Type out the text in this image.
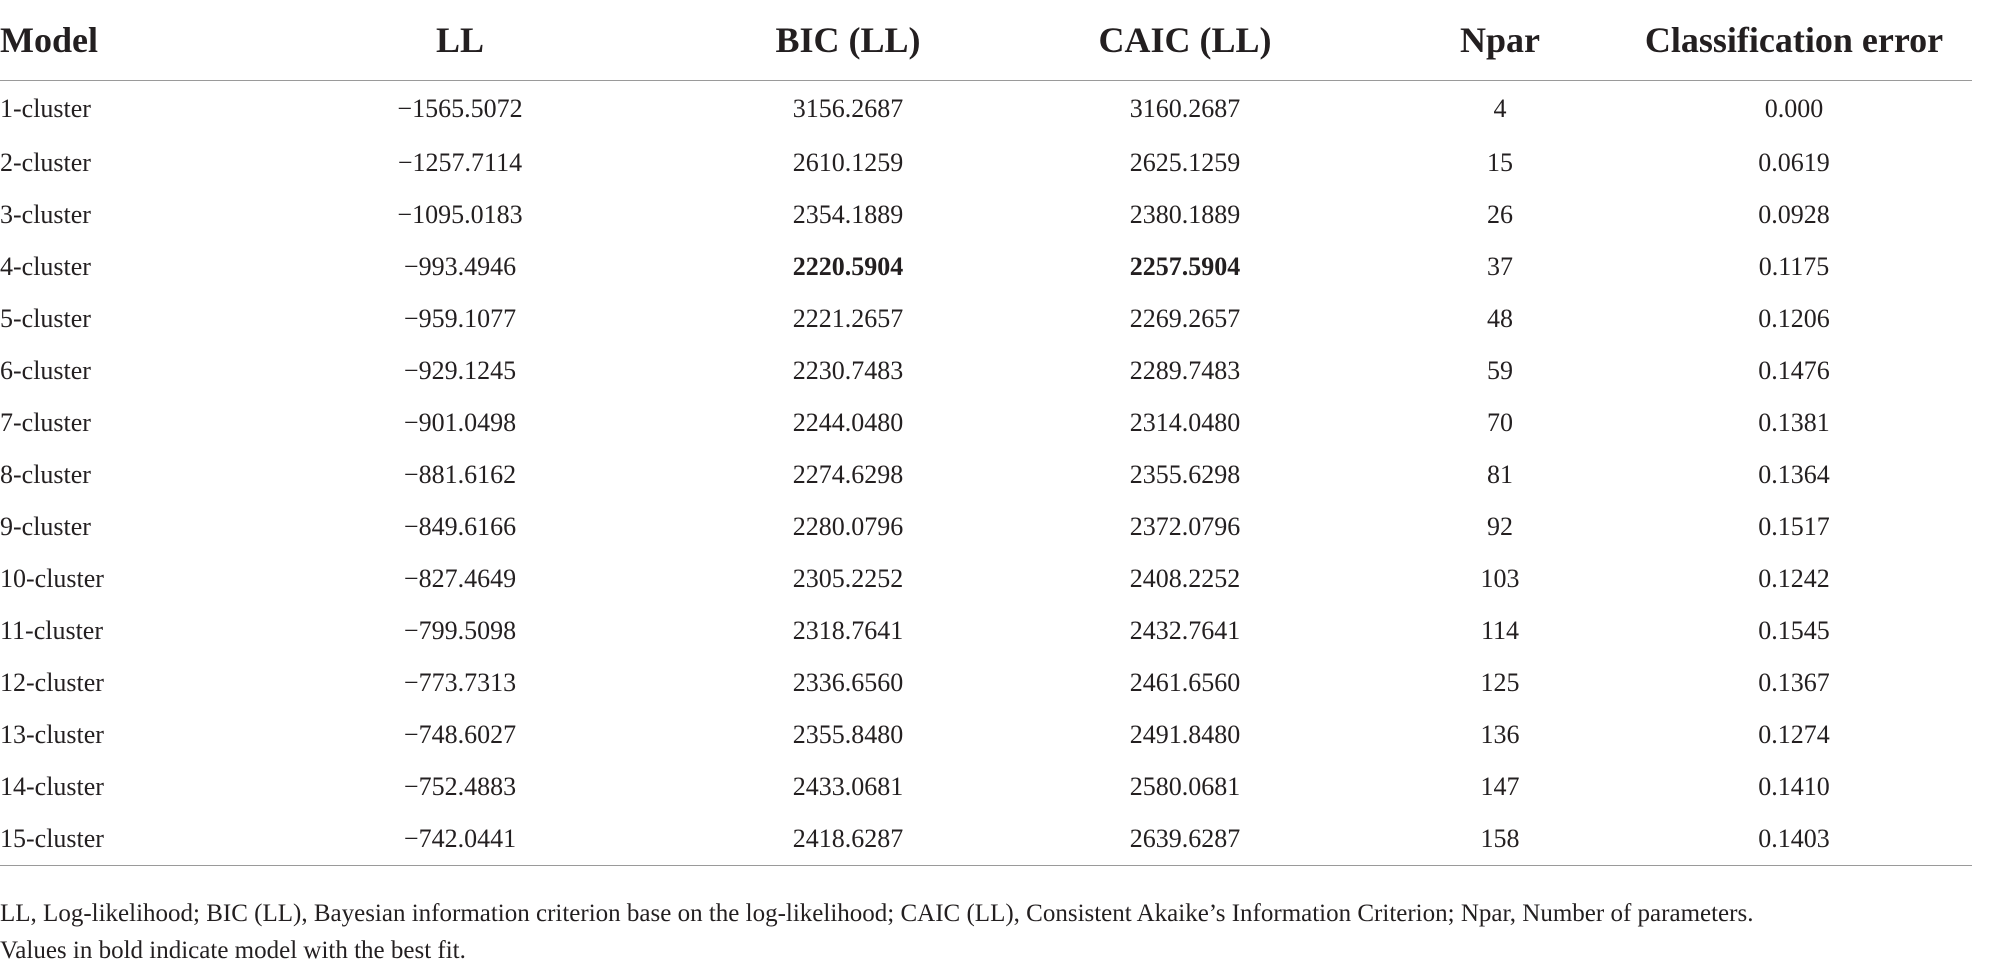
Model	LL	BIC (LL)	CAIC (LL)	Npar	Classification error
1-cluster	−1565.5072	3156.2687	3160.2687	4	0.000
2-cluster	−1257.7114	2610.1259	2625.1259	15	0.0619
3-cluster	−1095.0183	2354.1889	2380.1889	26	0.0928
4-cluster	−993.4946	2220.5904	2257.5904	37	0.1175
5-cluster	−959.1077	2221.2657	2269.2657	48	0.1206
6-cluster	−929.1245	2230.7483	2289.7483	59	0.1476
7-cluster	−901.0498	2244.0480	2314.0480	70	0.1381
8-cluster	−881.6162	2274.6298	2355.6298	81	0.1364
9-cluster	−849.6166	2280.0796	2372.0796	92	0.1517
10-cluster	−827.4649	2305.2252	2408.2252	103	0.1242
11-cluster	−799.5098	2318.7641	2432.7641	114	0.1545
12-cluster	−773.7313	2336.6560	2461.6560	125	0.1367
13-cluster	−748.6027	2355.8480	2491.8480	136	0.1274
14-cluster	−752.4883	2433.0681	2580.0681	147	0.1410
15-cluster	−742.0441	2418.6287	2639.6287	158	0.1403
LL, Log-likelihood; BIC (LL), Bayesian information criterion base on the log-likelihood; CAIC (LL), Consistent Akaike’s Information Criterion; Npar, Number of parameters.
Values in bold indicate model with the best fit.
